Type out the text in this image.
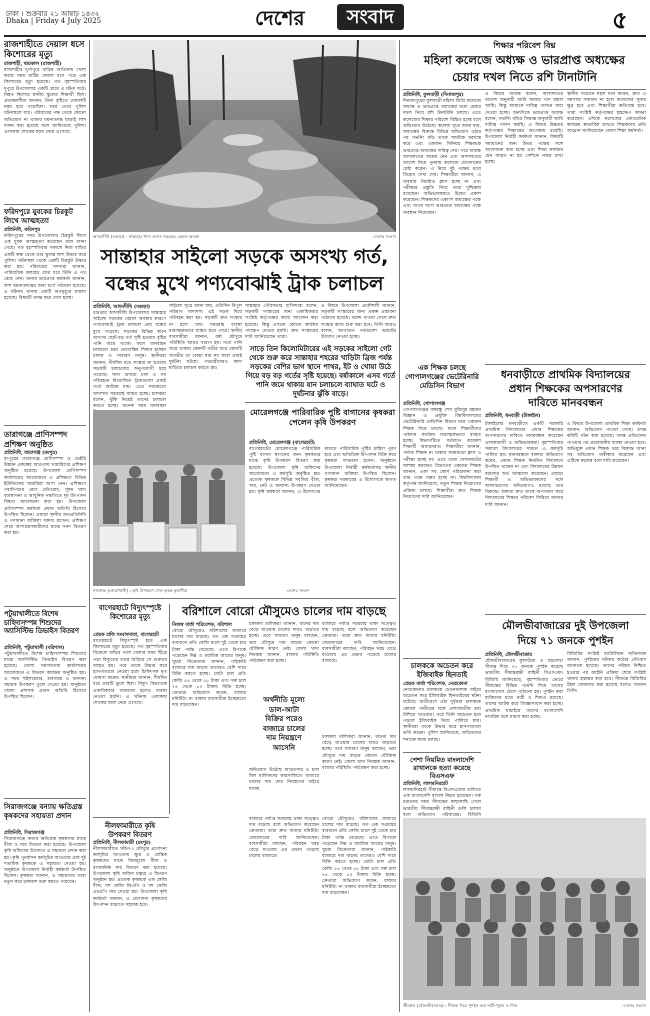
ঢাকা । শুক্রবার ২১ আষাঢ় ১৪৩২
Dhaka | Friday 4 July 2025	দেশের	সংবাদ	৫
রাজশাহীতে দেয়াল ধসে কিশোরের মৃত্যু
রাজশাহী, দ্বারকাল (রাজশাহী)
রাজশাহীর দুর্গাপুরে বাড়ির আঙিনায় খেলা করার সময় মাটির দেয়াল ধসে পড়ে এক কিশোরের মৃত্যু হয়েছে। গত বৃহস্পতিবার দুপুরে উপজেলার একটি গ্রামে এ ঘটনা ঘটে। নিহত কিশোর স্থানীয় স্কুলের শিক্ষার্থী ছিল। প্রত্যক্ষদর্শীরা জানান, টানা বৃষ্টিতে দেয়ালটি নরম হয়ে পড়েছিল। খবর পেয়ে পুলিশ ঘটনাস্থলে যায়। পরিবারের পক্ষ থেকে কোনো অভিযোগ না থাকায় ময়নাতদন্ত ছাড়াই লাশ দাফন করা হয়েছে বলে জানিয়েছে পুলিশ। এলাকায় শোকের ছায়া নেমে এসেছে।
ফরিদপুরে যুবকের চিরকুট লিখে আত্মহত্যা
প্রতিনিধি, ফরিদপুর
ফরিদপুরের সদর উপজেলায় চিরকুট লিখে এক যুবক আত্মহত্যা করেছেন বলে জানা গেছে। গত বৃহস্পতিবার সকালে নিজ বাড়ির একটি কক্ষ থেকে তার ঝুলন্ত লাশ উদ্ধার করে পুলিশ। ঘটনাস্থল থেকে একটি চিরকুট উদ্ধার করা হয়। পরিবারের সদস্যরা জানান, পারিবারিক কলহের জের ধরে তিনি এ পথ বেছে নেন। থানার ভারপ্রাপ্ত কর্মকর্তা জানান, লাশ ময়নাতদন্তের জন্য মর্গে পাঠানো হয়েছে। এ ঘটনায় থানায় একটি অপমৃত্যুর মামলা হয়েছে। বিষয়টি তদন্ত করে দেখা হচ্ছে।
তারাগঞ্জে প্রাণিসম্পদ প্রশিক্ষণ অনুষ্ঠিত
প্রতিনিধি, তারাগঞ্জ (রংপুর)
রংপুরের তারাগঞ্জে প্রাণিসম্পদ ও ডেইরি উন্নয়ন প্রকল্পের আওতায় খামারিদের প্রশিক্ষণ অনুষ্ঠিত হয়েছে। উপজেলা প্রাণিসম্পদ কার্যালয়ের আয়োজনে এ প্রশিক্ষণে বিভিন্ন ইউনিয়নের খামারিরা অংশ নেন। প্রশিক্ষণে গবাদিপশুর রোগ প্রতিরোধ, সুষম খাদ্য ব্যবস্থাপনা ও আধুনিক পদ্ধতিতে দুধ উৎপাদন বিষয়ে আলোচনা করা হয়। উপজেলা প্রাণিসম্পদ কর্মকর্তা প্রধান অতিথি হিসেবে উপস্থিত ছিলেন। এছাড়া স্থানীয় জনপ্রতিনিধি ও গণ্যমান্য ব্যক্তিরা বক্তব্য রাখেন। প্রশিক্ষণ শেষে অংশগ্রহণকারীদের মাঝে সনদ বিতরণ করা হয়।
পটুয়াখালীতে বিশেষ চাহিদাসম্পন্ন শিশুদের অ্যাসিস্টিভ ডিভাইস বিতরণ
প্রতিনিধি, পটুয়াখালী (বরিশাল)
পটুয়াখালীতে বিশেষ চাহিদাসম্পন্ন শিশুদের মাঝে অ্যাসিস্টিভ ডিভাইস বিতরণ করা হয়েছে। জেলা সমাজসেবা কার্যালয়ের আয়োজনে এ বিতরণ কার্যক্রম অনুষ্ঠিত হয়। এ সময় হুইলচেয়ার, শ্রবণযন্ত্র ও অন্যান্য সহায়ক উপকরণ তুলে দেওয়া হয়। অনুষ্ঠানে জেলা প্রশাসক প্রধান অতিথি হিসেবে উপস্থিত ছিলেন।
সিরাজগঞ্জে বন্যায় ক্ষতিগ্রস্ত কৃষকদের সহায়তা প্রদান
প্রতিনিধি, সিরাজগঞ্জ
সিরাজগঞ্জে বন্যায় ক্ষতিগ্রস্ত কৃষকদের মাঝে বীজ ও সার বিতরণ করা হয়েছে। উপজেলা কৃষি অফিসের উদ্যোগে এ সহায়তা প্রদান করা হয়। কৃষি পুনর্বাসন কর্মসূচির আওতায় প্রায় দুই শতাধিক কৃষককে এ সহায়তা দেওয়া হয়। অনুষ্ঠানে উপজেলা নির্বাহী কর্মকর্তা উপস্থিত ছিলেন। কৃষকরা জানান, এ সহায়তায় তারা নতুন করে চাষাবাদ শুরু করতে পারবেন।
আদমদীঘি (বগুড়া) : সান্তাহার খাদ্য গুদাম সড়কের বেহাল অবস্থা	-দেশের সংবাদ
সান্তাহার সাইলো সড়কে অসংখ্য গর্ত,
বন্ধের মুখে পণ্যবোঝাই ট্রাক চলাচল
প্রতিনিধি, আদমদীঘি (বগুড়া)
বগুড়ার আদমদীঘি উপজেলার সান্তাহার সাইলো সড়কের বেহাল অবস্থার কারণে পণ্যবোঝাই ট্রাক চলাচল প্রায় বন্ধের মুখে পড়েছে। সড়কের বিভিন্ন স্থানে অসংখ্য ছোট-বড় গর্ত সৃষ্টি হওয়ায় বৃষ্টির পানি জমে থাকে। ফলে যানবাহন চলাচলে চরম ভোগান্তির শিকার হচ্ছেন চালক ও সাধারণ মানুষ। স্থানীয়রা জানান, দীর্ঘদিন ধরে সংস্কার না হওয়ায় সড়কটি চলাচলের অনুপযোগী হয়ে পড়েছে। খাদ্য গুদামে চাল ও গম পরিবহনে নিয়োজিত ট্রাকগুলো প্রায়ই গর্তে আটকে যায়। এতে সময়মতো খাদ্যশস্য সরবরাহ ব্যাহত হচ্ছে। চালকরা বলেন, ঝুঁকি নিয়েই তাদের চলাচল করতে হচ্ছে। অনেক সময় যানবাহন
সাইলো সূত্রে জানা যায়, প্রতিদিন বিপুল পরিমাণ খাদ্যশস্য এই সড়ক দিয়ে পরিবহন করা হয়। সড়কটি দ্রুত সংস্কার না হলে খাদ্য সরবরাহ ব্যবস্থা মারাত্মকভাবে ব্যাহত হতে পারে। স্থানীয় ব্যবসায়ীরা জানান, বর্ষা মৌসুমে পরিস্থিতি আরও খারাপ হয়। গর্তে পানি জমে থাকায় কোনটি গভীর আর কোনটি অগভীর তা বোঝা যায় না। ফলে প্রায়ই দুর্ঘটনা ঘটছে। পথচারীদেরও কাদা মাড়িয়ে চলাচল করতে হয়।
সান্তাহার পৌরসভার বাসিন্দারা বলেন, সড়কটি সংস্কারের জন্য একাধিকবার সংশ্লিষ্ট কর্তৃপক্ষের কাছে আবেদন করা হয়েছে। কিন্তু এখনো কোনো কার্যকর পদক্ষেপ নেওয়া হয়নি। দ্রুত সংস্কারের দাবি জানিয়েছেন তারা।
এ বিষয়ে উপজেলা প্রকৌশলী জানান, সড়কটি সংস্কারের জন্য প্রকল্প প্রস্তাবনা পাঠানো হয়েছে। বরাদ্দ পাওয়া গেলে দ্রুত সংস্কার কাজ শুরু করা হবে। তিনি আরও বলেন, আপাতত গর্তগুলো ভরাটের উদ্যোগ নেওয়া হচ্ছে।
সাড়ে তিন কিলোমিটারের এই সড়কের সাইলো গেট থেকে শুরু করে সান্তাহার শহরের খাড়িটা ব্রিজ পর্যন্ত সড়কের বেশির ভাগ স্থানে পাথর, ইট ও খোয়া উঠে গিয়ে বড় বড় গর্তের সৃষ্টি হয়েছে। বর্ষাকালে এসব গর্তে পানি জমে থাকায় যান চলাচলে ব্যাঘাত ঘটে ও দুর্ঘটনার ঝুঁকি বাড়ে।
শালগঞ্জ (নোয়াখালী) : কৃষি উপকরণ পেল কৃষক-কৃষাণীরা	-দেশের সংবাদ
মোরেলগঞ্জে পারিবারিক পুষ্টি বাগানের কৃষকরা পেলেন কৃষি উপকরণ
প্রতিনিধি, মোরেলগঞ্জ (বাগেরহাট)
বাগেরহাটের মোরেলগঞ্জে পারিবারিক পুষ্টি বাগান স্থাপনের জন্য কৃষকদের মাঝে কৃষি উপকরণ বিতরণ করা হয়েছে। উপজেলা কৃষি অফিসের আয়োজনে এ কর্মসূচি অনুষ্ঠিত হয়। প্রত্যেক কৃষককে বিভিন্ন সবজির বীজ, সার, নেট ও অন্যান্য উপকরণ দেওয়া হয়। কৃষি কর্মকর্তা জানান, এ উদ্যোগের মাধ্যমে পারিবারিক পুষ্টির চাহিদা পূরণ হবে এবং অতিরিক্ত উৎপাদন বিক্রি করে কৃষকরা লাভবান হবেন। অনুষ্ঠানে উপজেলা নির্বাহী কর্মকর্তাসহ স্থানীয় গণ্যমান্য ব্যক্তিরা উপস্থিত ছিলেন। কৃষকরা সরকারের এ উদ্যোগকে স্বাগত জানিয়েছেন।
বাগেরহাটে বিদ্যুৎস্পৃষ্টে কিশোরের মৃত্যু
প্রেরক প্রতি সংবাদদাতা, বাগেরহাট
বাগেরহাটে বিদ্যুৎস্পৃষ্ট হয়ে এক কিশোরের মৃত্যু হয়েছে। গত বৃহস্পতিবার বিকেলে বাড়ির পাশে খেলার সময় ছিঁড়ে পড়া বিদ্যুতের তারে জড়িয়ে সে গুরুতর আহত হয়। পরে তাকে উদ্ধার করে হাসপাতালে নেওয়া হলে চিকিৎসক মৃত ঘোষণা করেন। স্থানীয়রা জানান, দীর্ঘদিন ধরে তারটি ঝুলে ছিল। বিদ্যুৎ বিভাগকে একাধিকবার জানানো হলেও ব্যবস্থা নেওয়া হয়নি। এ ঘটনায় এলাকায় শোকের ছায়া নেমে এসেছে।
বরিশালে বোরো মৌসুমেও চালের দাম বাড়ছে
নিজস্ব বার্তা পরিবেশক, বরিশাল
বোরো মৌসুমেও বরিশালের বাজারে চালের দাম বাড়ছে। গত এক সপ্তাহের ব্যবধানে প্রতি কেজি চালে দুই থেকে চার টাকা পর্যন্ত বেড়েছে। এতে বিপাকে পড়েছেন নিম্ন ও মধ্যবিত্ত আয়ের মানুষ। খুচরা বিক্রেতারা জানান, পাইকারি বাজারে দাম বাড়ায় তাদেরও বেশি দামে বিক্রি করতে হচ্ছে। মোটা চাল প্রতি কেজি ৫৫ থেকে ৫৮ টাকা এবং সরু চাল ৭৫ থেকে ৮০ টাকায় বিক্রি হচ্ছে। ক্রেতারা অভিযোগ করেন, বাজার মনিটরিং না থাকায় ব্যবসায়ীরা ইচ্ছেমতো দাম বাড়াচ্ছেন।
চালকল মালিকরা জানান, ধানের দাম বেড়ে যাওয়ায় চালের দামও বাড়াতে হচ্ছে। তবে সাধারণ মানুষ বলছেন, ভরা মৌসুমে দাম বাড়ার কোনো যৌক্তিক কারণ নেই। জেলা খাদ্য নিয়ন্ত্রক জানান, বাজার পরিস্থিতি পর্যবেক্ষণ করা হচ্ছে।
বাজারে পর্যাপ্ত সরবরাহ থাকা সত্ত্বেও দাম বাড়ছে বলে অভিযোগ করেছেন ক্রেতারা। তারা দ্রুত বাজার মনিটরিং জোরদারের দাবি জানিয়েছেন। ব্যবসায়ীরা বলছেন, পরিবহন খরচ বেড়ে যাওয়ায় এর প্রভাব পড়েছে চালের বাজারে।
অর্থনীতি মূল্যে
ডাল-আটা
বিক্রির পরেও
বাজারে চালের
দাম নিয়ন্ত্রণে
আসেনি
অভিযোগ উঠেছে আড়তদার ও চাল মিল মালিকদের কারসাজিতে বাজারে চালের দাম ফের নিয়ন্ত্রণের বাইরে যাচ্ছে
চালকল মালিকরা জানান, ধানের দাম বেড়ে যাওয়ায় চালের দামও বাড়াতে হচ্ছে। তবে সাধারণ মানুষ বলছেন, ভরা মৌসুমে দাম বাড়ার কোনো যৌক্তিক কারণ নেই। জেলা খাদ্য নিয়ন্ত্রক জানান, বাজার পরিস্থিতি পর্যবেক্ষণ করা হচ্ছে।
নীলফামারীতে কৃষি উপকরণ বিতরণ
প্রতিনিধি, নীলফামারী (রংপুর)
নীলফামারীতে খরিপ-১ মৌসুমে প্রণোদনা কর্মসূচির আওতায় ক্ষুদ্র ও প্রান্তিক কৃষকদের মাঝে বিনামূল্যে বীজ ও রাসায়নিক সার বিতরণ করা হয়েছে। উপজেলা কৃষি অফিস চত্বরে এ বিতরণ অনুষ্ঠান হয়। প্রত্যেক কৃষককে এক কেজি বীজ, দশ কেজি ডিএপি ও দশ কেজি এমওপি সার দেওয়া হয়। উপজেলা কৃষি কর্মকর্তা জানান, এ প্রণোদনা কৃষকদের উৎপাদন বাড়াতে সহায়ক হবে।
বাজারে পর্যাপ্ত সরবরাহ থাকা সত্ত্বেও দাম বাড়ছে বলে অভিযোগ করেছেন ক্রেতারা। তারা দ্রুত বাজার মনিটরিং জোরদারের দাবি জানিয়েছেন। ব্যবসায়ীরা বলছেন, পরিবহন খরচ বেড়ে যাওয়ায় এর প্রভাব পড়েছে চালের বাজারে।
বোরো মৌসুমেও বরিশালের বাজারে চালের দাম বাড়ছে। গত এক সপ্তাহের ব্যবধানে প্রতি কেজি চালে দুই থেকে চার টাকা পর্যন্ত বেড়েছে। এতে বিপাকে পড়েছেন নিম্ন ও মধ্যবিত্ত আয়ের মানুষ। খুচরা বিক্রেতারা জানান, পাইকারি বাজারে দাম বাড়ায় তাদেরও বেশি দামে বিক্রি করতে হচ্ছে। মোটা চাল প্রতি কেজি ৫৫ থেকে ৫৮ টাকা এবং সরু চাল ৭৫ থেকে ৮০ টাকায় বিক্রি হচ্ছে। ক্রেতারা অভিযোগ করেন, বাজার মনিটরিং না থাকায় ব্যবসায়ীরা ইচ্ছেমতো দাম বাড়াচ্ছেন।
শিক্ষার পরিবেশ বিঘ্ন
মহিলা কলেজে অধ্যক্ষ ও ভারপ্রাপ্ত অধ্যক্ষের
চেয়ার দখল নিতে রশি টানাটানি
প্রতিনিধি, ফুলবাড়ী (দিনাজপুর)
দিনাজপুরের ফুলবাড়ী মহিলা ডিগ্রি কলেজে অধ্যক্ষ ও ভারপ্রাপ্ত অধ্যক্ষের মধ্যে চেয়ার দখল নিয়ে রশি টানাটানি চলছে। এতে কলেজের শিক্ষার পরিবেশ বিঘ্নিত হচ্ছে বলে অভিযোগ উঠেছে। কলেজ সূত্রে জানা যায়, অধ্যক্ষের বিরুদ্ধে বিভিন্ন অভিযোগ ওঠার পর গভর্নিং বডি তাকে সাময়িক বরখাস্ত করে এবং একজন সিনিয়র শিক্ষককে ভারপ্রাপ্ত অধ্যক্ষের দায়িত্ব দেয়। পরে অধ্যক্ষ আদালতের আশ্রয় নেন এবং আদালতের আদেশ নিয়ে পুনরায় কলেজে যোগদানের চেষ্টা করেন। এ নিয়ে দুই পক্ষের মধ্যে বিরোধ দেখা দেয়। শিক্ষার্থীরা জানান, এ অবস্থায় নিয়মিত ক্লাস হচ্ছে না এবং পরীক্ষার প্রস্তুতি নিয়ে তারা দুশ্চিন্তায় রয়েছেন। অভিভাবকরাও উদ্বেগ প্রকাশ করেছেন। শিক্ষকদের একাংশ অধ্যক্ষের পক্ষে এবং অপর অংশ ভারপ্রাপ্ত অধ্যক্ষের পক্ষে অবস্থান নিয়েছেন।
এ বিষয়ে অধ্যক্ষ বলেন, আদালতের আদেশ অনুযায়ী আমি আমার পদে বহাল আছি। কিন্তু আমাকে দায়িত্ব পালনে বাধা দেওয়া হচ্ছে। অন্যদিকে ভারপ্রাপ্ত অধ্যক্ষ বলেন, গভর্নিং বডির সিদ্ধান্ত অনুযায়ী আমি দায়িত্ব পালন করছি। এ বিষয়ে উচ্চতর কর্তৃপক্ষের সিদ্ধান্তের অপেক্ষায় রয়েছি। উপজেলা নির্বাহী কর্মকর্তা জানান, বিষয়টি সমাধানের জন্য উভয় পক্ষের সঙ্গে আলোচনা করা হচ্ছে এবং শিক্ষা কার্যক্রম যেন ব্যাহত না হয় সেদিকে নজর রাখা হচ্ছে।
স্থানীয় সচেতন মহল মনে করেন, দ্রুত এ সমস্যার সমাধান না হলে কলেজের সুনাম ক্ষুণ্ণ হবে এবং শিক্ষার্থীরা ক্ষতিগ্রস্ত হবে। তারা সংশ্লিষ্ট কর্তৃপক্ষের হস্তক্ষেপ কামনা করেছেন। এদিকে কলেজের একাডেমিক কার্যক্রম স্বাভাবিক রাখতে শিক্ষকদের প্রতি আহ্বান জানিয়েছেন জেলা শিক্ষা কর্মকর্তা।
এক শিক্ষক চলছে গোপালগঞ্জের ভেটেরিনারি মেডিসিন বিভাগ
প্রতিনিধি, গোপালগঞ্জ
গোপালগঞ্জের বঙ্গবন্ধু শেখ মুজিবুর রহমান বিজ্ঞান ও প্রযুক্তি বিশ্ববিদ্যালয়ের ভেটেরিনারি মেডিসিন বিভাগ মাত্র একজন শিক্ষক দিয়ে চলছে। ফলে শিক্ষার্থীদের পাঠদান কার্যক্রম মারাত্মকভাবে ব্যাহত হচ্ছে। বিভাগটিতে বর্তমানে কয়েকশ শিক্ষার্থী অধ্যয়নরত। শিক্ষার্থীরা জানান, পর্যাপ্ত শিক্ষক না থাকায় সময়মতো ক্লাস ও পরীক্ষা হচ্ছে না। এতে তারা সেশনজটের আশঙ্কা করছেন। বিভাগের একমাত্র শিক্ষক জানান, একা সব কোর্স পরিচালনা করা তার পক্ষে সম্ভব হচ্ছে না। বিশ্ববিদ্যালয় কর্তৃপক্ষ জানিয়েছে, নতুন শিক্ষক নিয়োগের প্রক্রিয়া চলছে। শিক্ষার্থীরা দ্রুত শিক্ষক নিয়োগের দাবি জানিয়েছেন।
ধনবাড়ীতে প্রাথমিক বিদ্যালয়ের
প্রধান শিক্ষকের অপসারণের
দাবিতে মানববন্ধন
প্রতিনিধি, ধনবাড়ী (টাঙ্গাইল)
টাঙ্গাইলের ধনবাড়ীতে একটি সরকারি প্রাথমিক বিদ্যালয়ের প্রধান শিক্ষকের অপসারণের দাবিতে মানববন্ধন করেছেন এলাকাবাসী ও অভিভাবকরা। বৃহস্পতিবার সকালে বিদ্যালয়ের সামনে এ কর্মসূচি পালিত হয়। মানববন্ধনে বক্তারা অভিযোগ করেন, প্রধান শিক্ষক নিয়মিত বিদ্যালয়ে উপস্থিত থাকেন না এবং বিদ্যালয়ের উন্নয়ন বরাদ্দের অর্থ আত্মসাৎ করেছেন। এছাড়া শিক্ষার্থী ও অভিভাবকদের সঙ্গে অসদাচরণের অভিযোগও রয়েছে তার বিরুদ্ধে। বক্তারা দ্রুত তাকে অপসারণ করে বিদ্যালয়ের শিক্ষার পরিবেশ ফিরিয়ে আনার দাবি জানান।
এ বিষয়ে উপজেলা প্রাথমিক শিক্ষা কর্মকর্তা জানান, অভিযোগ পাওয়া গেছে। তদন্ত কমিটি গঠন করা হয়েছে। তদন্ত প্রতিবেদন পাওয়ার পর প্রয়োজনীয় ব্যবস্থা নেওয়া হবে। অভিযুক্ত প্রধান শিক্ষক তার বিরুদ্ধে আনা সব অভিযোগ অস্বীকার করেছেন এবং এটিকে ষড়যন্ত্র বলে দাবি করেছেন।
মৌলভীবাজারের দুই উপজেলা
দিয়ে ৭১ জনকে পুশইন
প্রতিনিধি, মৌলভীবাজার
মৌলভীবাজারের কুলাউড়া ও বড়লেখা সীমান্ত দিয়ে ৭১ জনকে পুশইন করেছে ভারতীয় সীমান্তরক্ষী বাহিনী বিএসএফ। বিজিবি জানিয়েছে, বৃহস্পতিবার ভোরে সীমান্তের বিভিন্ন পয়েন্ট দিয়ে তাদের বাংলাদেশে ঠেলে পাঠানো হয়। পুশইন করা ব্যক্তিদের মধ্যে নারী ও শিশুও রয়েছে। তাদের আটক করে জিজ্ঞাসাবাদ করা হচ্ছে। প্রাথমিক যাচাইয়ে তাদের বাংলাদেশি নাগরিক বলে ধারণা করা হচ্ছে।
বিজিবির সংশ্লিষ্ট ব্যাটালিয়ন অধিনায়ক জানান, পুশইনের ঘটনায় কঠোর প্রতিবাদ জানানো হয়েছে। তাদের পরিচয় নিশ্চিত হওয়ার পর আইনি প্রক্রিয়া শেষে সংশ্লিষ্ট থানায় হস্তান্তর করা হবে। সীমান্তে বিজিবির টহল জোরদার করা হয়েছে বলেও জানান তিনি।
চালককে অচেতন করে ইজিবাইক ছিনতাই
প্রেরক বার্তা পরিবেশক, নেত্রকোনা
নেত্রকোনায় চালককে চেতনানাশক খাইয়ে অচেতন করে ইজিবাইক ছিনতাইয়ের ঘটনা ঘটেছে। যাত্রীবেশে ওঠা দুর্বৃত্তরা চালককে কোমল পানীয়ের সঙ্গে নেশাজাতীয় দ্রব্য মিশিয়ে খাওয়ায়। পরে তিনি অচেতন হয়ে পড়লে ইজিবাইক নিয়ে পালিয়ে যায়। স্থানীয়রা তাকে উদ্ধার করে হাসপাতালে ভর্তি করেন। পুলিশ জানিয়েছে, জড়িতদের শনাক্তে কাজ চলছে।
পেশা নিয়মিত বাংলাদেশি রাখালকে হত্যা করেছে বিএসএফ
প্রতিনিধি, লালমনিরহাট
লালমনিরহাট সীমান্তে বিএসএফের গুলিতে এক বাংলাদেশি রাখাল নিহত হয়েছেন। গরু চরানোর সময় সীমান্তের কাছাকাছি গেলে ভারতীয় সীমান্তরক্ষী বাহিনী গুলি চালায় বলে অভিযোগ পরিবারের। বিজিবি
শ্রীমঙ্গল (মৌলভীবাজার) : সীমান্ত দিয়ে পুশইন করা নারী-পুরুষ ও শিশু	-দেশের সংবাদ
